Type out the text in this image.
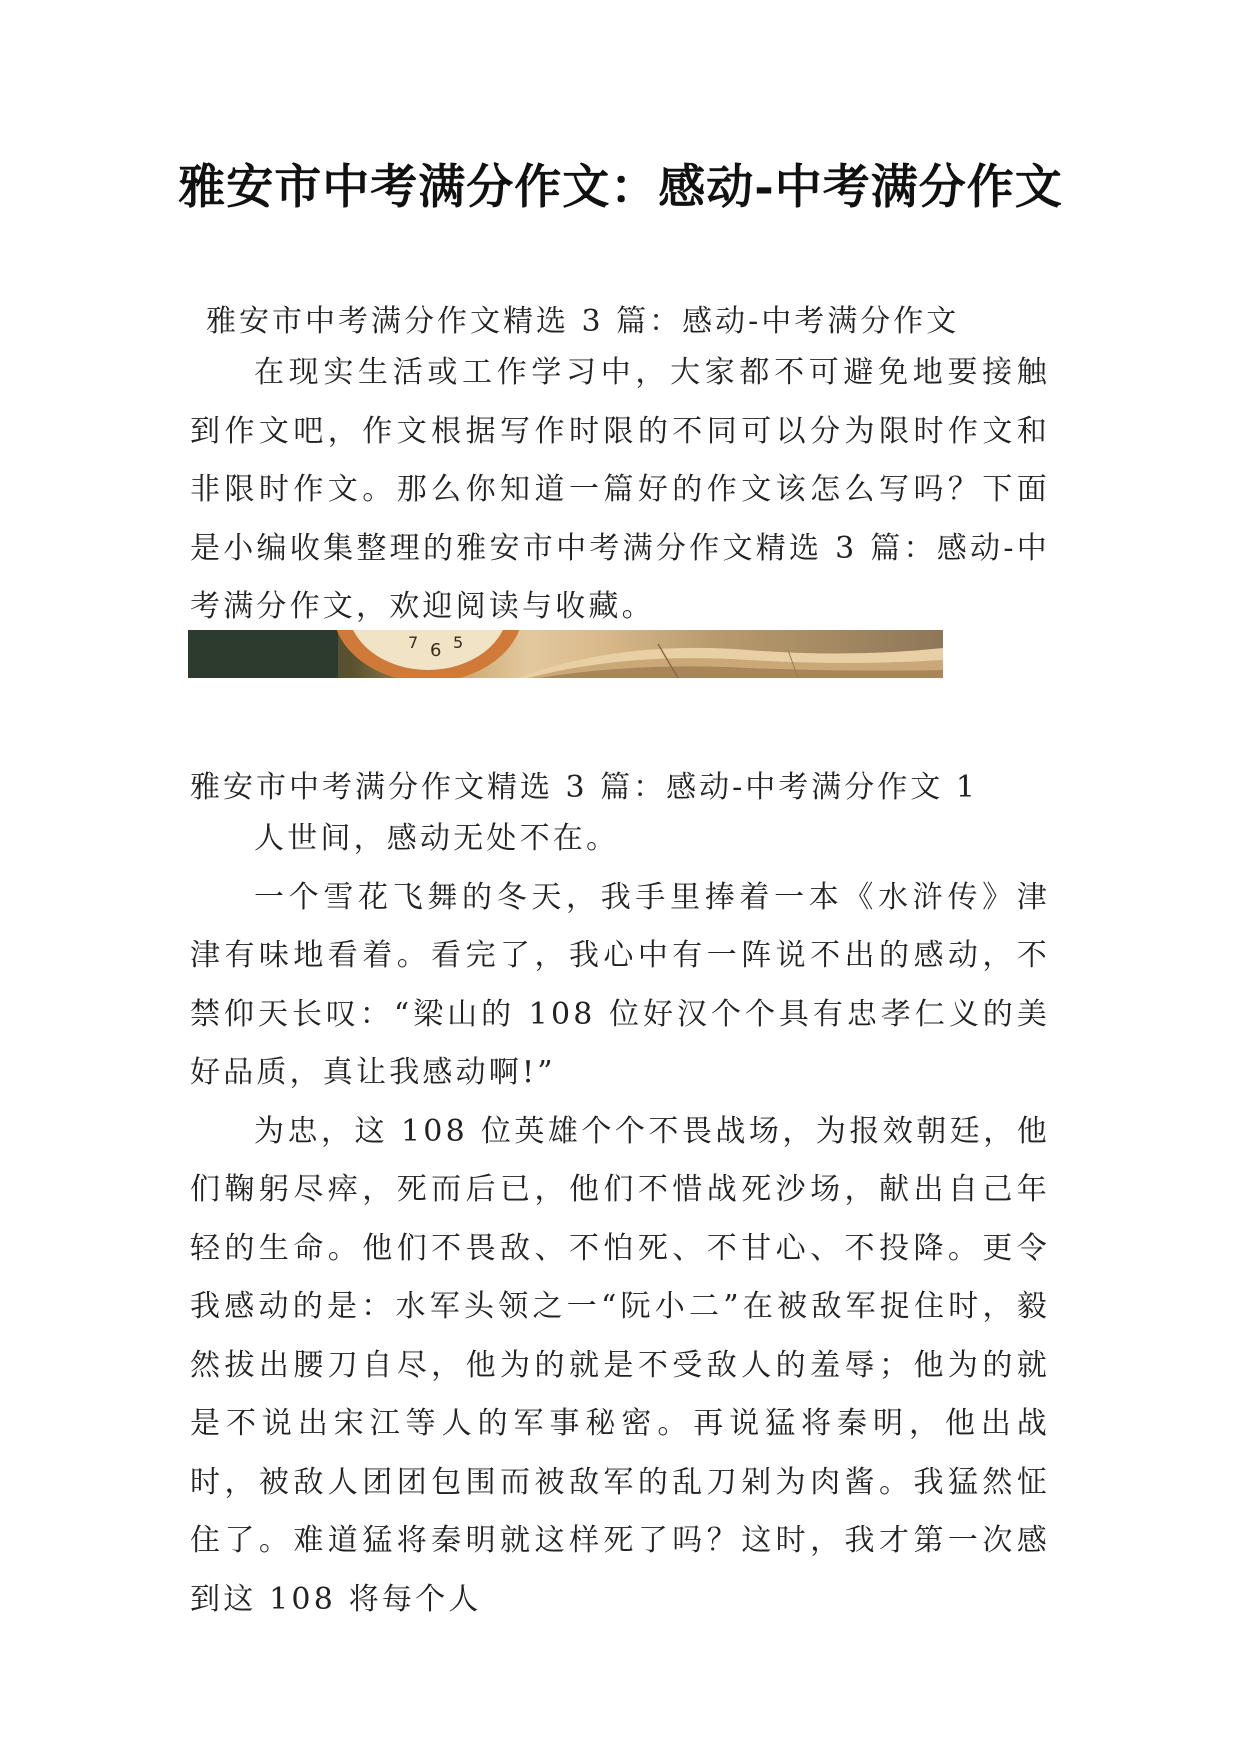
雅安市中考满分作文：感动-中考满分作文
雅安市中考满分作文精选 3 篇：感动-中考满分作文

在现实生活或工作学习中，大家都不可避免地要接触到作文吧，作文根据写作时限的不同可以分为限时作文和非限时作文。那么你知道一篇好的作文该怎么写吗？下面是小编收集整理的雅安市中考满分作文精选 3 篇：感动-中考满分作文，欢迎阅读与收藏。

7 6 5
雅安市中考满分作文精选 3 篇：感动-中考满分作文 1

人世间，感动无处不在。

一个雪花飞舞的冬天，我手里捧着一本《水浒传》津津有味地看着。看完了，我心中有一阵说不出的感动，不禁仰天长叹：“梁山的 108 位好汉个个具有忠孝仁义的美好品质，真让我感动啊!”

为忠，这 108 位英雄个个不畏战场，为报效朝廷，他们鞠躬尽瘁，死而后已，他们不惜战死沙场，献出自己年轻的生命。他们不畏敌、不怕死、不甘心、不投降。更令我感动的是：水军头领之一“阮小二”在被敌军捉住时，毅然拔出腰刀自尽，他为的就是不受敌人的羞辱；他为的就是不说出宋江等人的军事秘密。再说猛将秦明，他出战时，被敌人团团包围而被敌军的乱刀剁为肉酱。我猛然怔住了。难道猛将秦明就这样死了吗？这时，我才第一次感到这 108 将每个人
